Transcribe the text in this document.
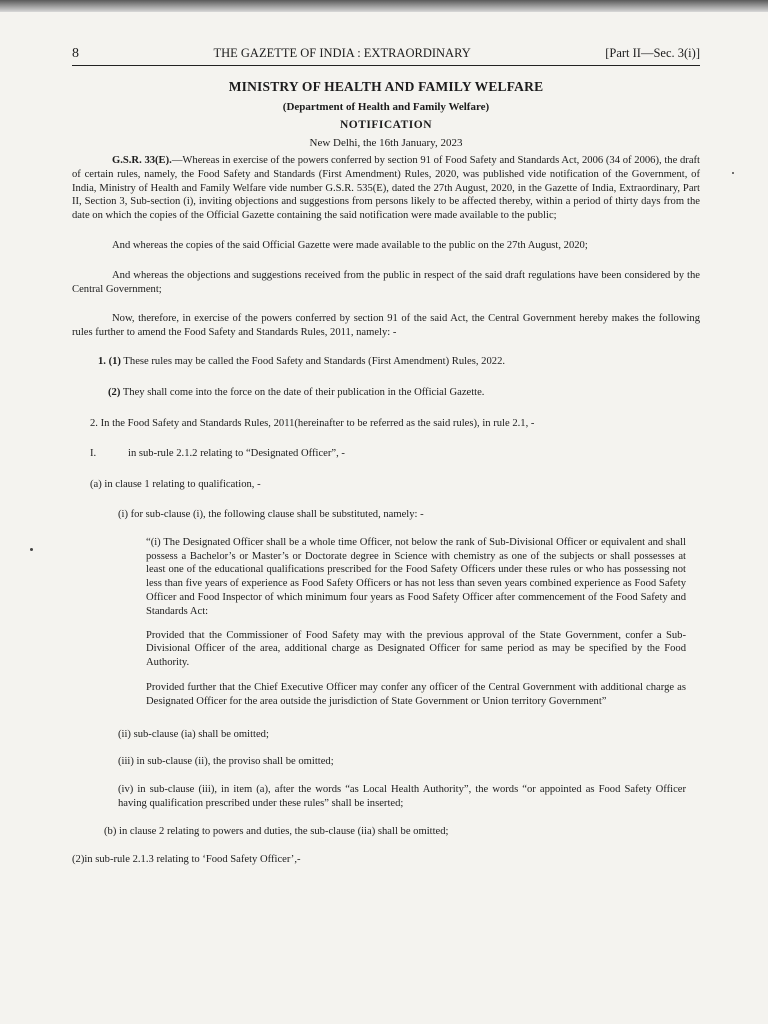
8	THE GAZETTE OF INDIA : EXTRAORDINARY	[Part II—Sec. 3(i)]
MINISTRY OF HEALTH AND FAMILY WELFARE
(Department of Health and Family Welfare)
NOTIFICATION
New Delhi, the 16th January, 2023

G.S.R. 33(E).—Whereas in exercise of the powers conferred by section 91 of Food Safety and Standards Act, 2006 (34 of 2006), the draft of certain rules, namely, the Food Safety and Standards (First Amendment) Rules, 2020, was published vide notification of the Government, of India, Ministry of Health and Family Welfare vide number G.S.R. 535(E), dated the 27th August, 2020, in the Gazette of India, Extraordinary, Part II, Section 3, Sub-section (i), inviting objections and suggestions from persons likely to be affected thereby, within a period of thirty days from the date on which the copies of the Official Gazette containing the said notification were made available to the public;

And whereas the copies of the said Official Gazette were made available to the public on the 27th August, 2020;

And whereas the objections and suggestions received from the public in respect of the said draft regulations have been considered by the Central Government;

Now, therefore, in exercise of the powers conferred by section 91 of the said Act, the Central Government hereby makes the following rules further to amend the Food Safety and Standards Rules, 2011, namely: -

1. (1) These rules may be called the Food Safety and Standards (First Amendment) Rules, 2022.

(2) They shall come into the force on the date of their publication in the Official Gazette.

2. In the Food Safety and Standards Rules, 2011(hereinafter to be referred as the said rules), in rule 2.1, -

I.	in sub-rule 2.1.2 relating to “Designated Officer”, -

(a) in clause 1 relating to qualification, -

(i) for sub-clause (i), the following clause shall be substituted, namely: -

“(i) The Designated Officer shall be a whole time Officer, not below the rank of Sub-Divisional Officer or equivalent and shall possess a Bachelor’s or Master’s or Doctorate degree in Science with chemistry as one of the subjects or shall possesses at least one of the educational qualifications prescribed for the Food Safety Officers under these rules or who has possessing not less than five years of experience as Food Safety Officers or has not less than seven years combined experience as Food Safety Officer and Food Inspector of which minimum four years as Food Safety Officer after commencement of the Food Safety and Standards Act:

Provided that the Commissioner of Food Safety may with the previous approval of the State Government, confer a Sub-Divisional Officer of the area, additional charge as Designated Officer for same period as may be specified by the Food Authority.

Provided further that the Chief Executive Officer may confer any officer of the Central Government with additional charge as Designated Officer for the area outside the jurisdiction of State Government or Union territory Government”

(ii) sub-clause (ia) shall be omitted;

(iii) in sub-clause (ii), the proviso shall be omitted;

(iv) in sub-clause (iii), in item (a), after the words “as Local Health Authority”, the words “or appointed as Food Safety Officer having qualification prescribed under these rules” shall be inserted;

(b) in clause 2 relating to powers and duties, the sub-clause (iia) shall be omitted;

(2)in sub-rule 2.1.3 relating to ‘Food Safety Officer’,-
